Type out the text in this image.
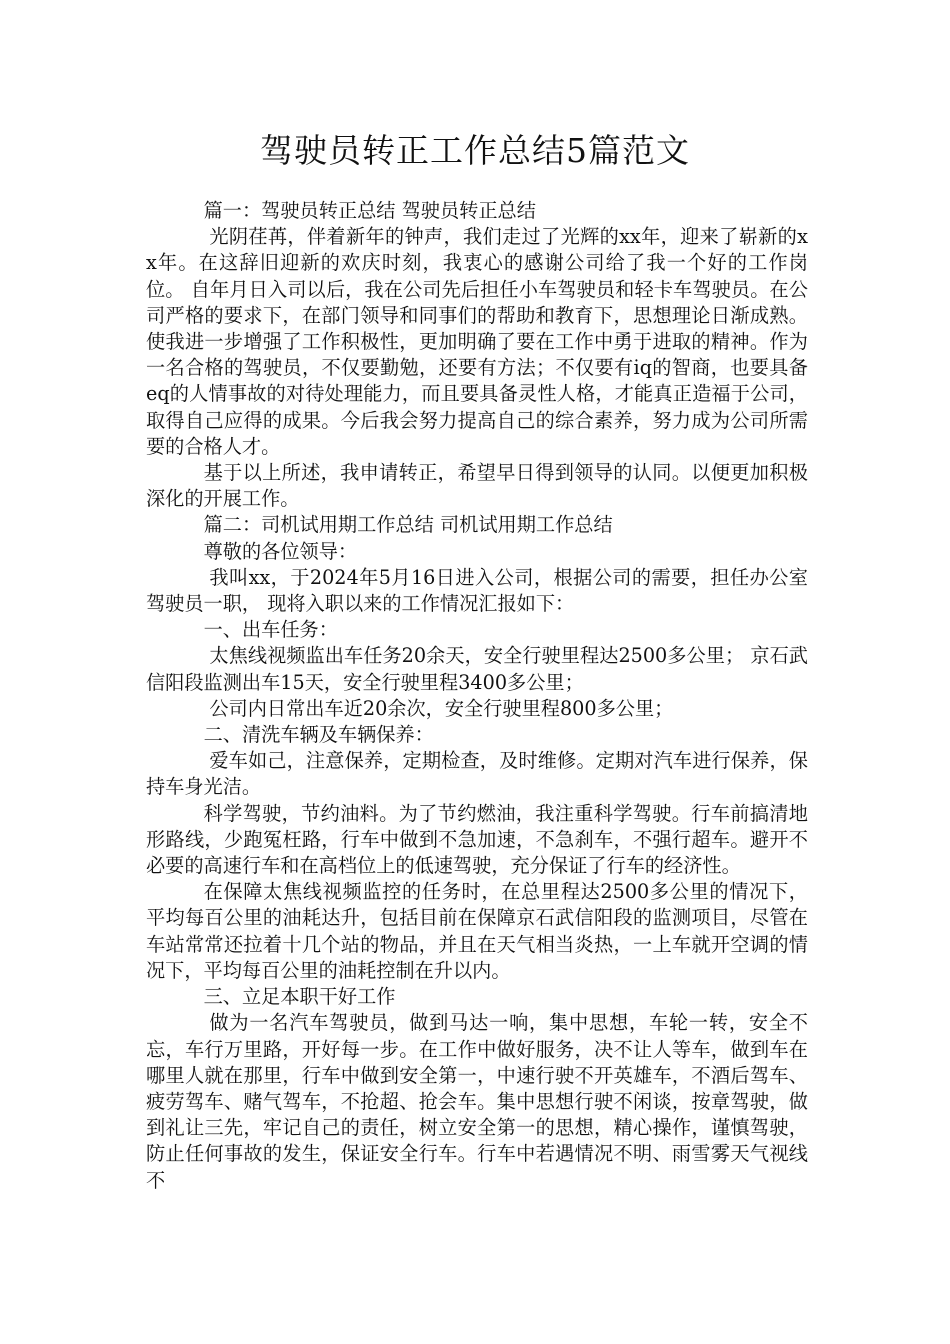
驾驶员转正工作总结5篇范文

篇一：驾驶员转正总结 驾驶员转正总结

光阴荏苒，伴着新年的钟声，我们走过了光辉的xx年，迎来了崭新的xx年。在这辞旧迎新的欢庆时刻，我衷心的感谢公司给了我一个好的工作岗位。 自年月日入司以后，我在公司先后担任小车驾驶员和轻卡车驾驶员。在公司严格的要求下，在部门领导和同事们的帮助和教育下，思想理论日渐成熟。使我进一步增强了工作积极性，更加明确了要在工作中勇于进取的精神。作为一名合格的驾驶员，不仅要勤勉，还要有方法；不仅要有iq的智商，也要具备eq的人情事故的对待处理能力，而且要具备灵性人格，才能真正造福于公司，取得自己应得的成果。今后我会努力提高自己的综合素养，努力成为公司所需要的合格人才。

基于以上所述，我申请转正，希望早日得到领导的认同。以便更加积极深化的开展工作。

篇二：司机试用期工作总结 司机试用期工作总结

尊敬的各位领导：

我叫xx，于2024年5月16日进入公司，根据公司的需要，担任办公室驾驶员一职， 现将入职以来的工作情况汇报如下：

一、出车任务：

太焦线视频监出车任务20余天，安全行驶里程达2500多公里； 京石武信阳段监测出车15天，安全行驶里程3400多公里；

公司内日常出车近20余次，安全行驶里程800多公里；

二、清洗车辆及车辆保养：

爱车如己，注意保养，定期检查，及时维修。定期对汽车进行保养，保持车身光洁。

科学驾驶，节约油料。为了节约燃油，我注重科学驾驶。行车前搞清地形路线，少跑冤枉路，行车中做到不急加速，不急刹车，不强行超车。避开不必要的高速行车和在高档位上的低速驾驶，充分保证了行车的经济性。

在保障太焦线视频监控的任务时，在总里程达2500多公里的情况下，平均每百公里的油耗达升，包括目前在保障京石武信阳段的监测项目，尽管在车站常常还拉着十几个站的物品，并且在天气相当炎热，一上车就开空调的情况下，平均每百公里的油耗控制在升以内。

三、立足本职干好工作

做为一名汽车驾驶员，做到马达一响，集中思想，车轮一转，安全不忘，车行万里路，开好每一步。在工作中做好服务，决不让人等车，做到车在哪里人就在那里，行车中做到安全第一，中速行驶不开英雄车，不酒后驾车、疲劳驾车、赌气驾车，不抢超、抢会车。集中思想行驶不闲谈，按章驾驶，做到礼让三先，牢记自己的责任，树立安全第一的思想，精心操作，谨慎驾驶，防止任何事故的发生，保证安全行车。行车中若遇情况不明、雨雪雾天气视线不
